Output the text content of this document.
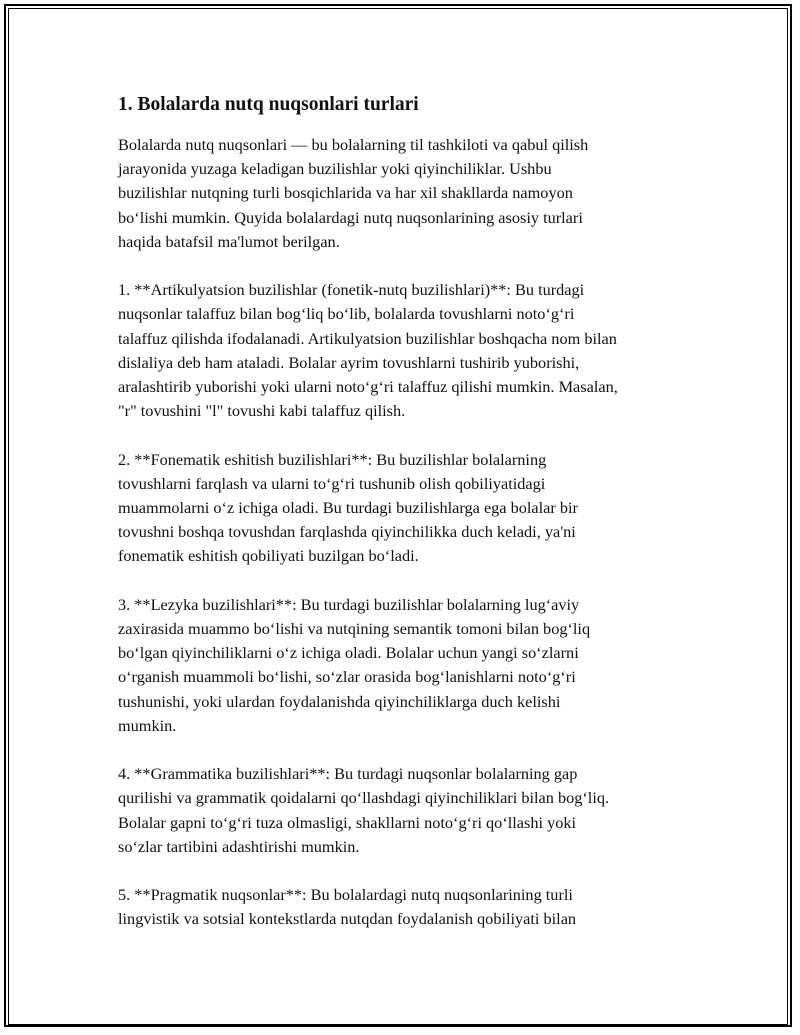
1. Bolalarda nutq nuqsonlari turlari

Bolalarda nutq nuqsonlari — bu bolalarning til tashkiloti va qabul qilish
jarayonida yuzaga keladigan buzilishlar yoki qiyinchiliklar. Ushbu
buzilishlar nutqning turli bosqichlarida va har xil shakllarda namoyon
bo‘lishi mumkin. Quyida bolalardagi nutq nuqsonlarining asosiy turlari
haqida batafsil ma'lumot berilgan.

1. **Artikulyatsion buzilishlar (fonetik-nutq buzilishlari)**: Bu turdagi
nuqsonlar talaffuz bilan bog‘liq bo‘lib, bolalarda tovushlarni noto‘g‘ri
talaffuz qilishda ifodalanadi. Artikulyatsion buzilishlar boshqacha nom bilan
dislaliya deb ham ataladi. Bolalar ayrim tovushlarni tushirib yuborishi,
aralashtirib yuborishi yoki ularni noto‘g‘ri talaffuz qilishi mumkin. Masalan,
"r" tovushini "l" tovushi kabi talaffuz qilish.

2. **Fonematik eshitish buzilishlari**: Bu buzilishlar bolalarning
tovushlarni farqlash va ularni to‘g‘ri tushunib olish qobiliyatidagi
muammolarni o‘z ichiga oladi. Bu turdagi buzilishlarga ega bolalar bir
tovushni boshqa tovushdan farqlashda qiyinchilikka duch keladi, ya'ni
fonematik eshitish qobiliyati buzilgan bo‘ladi.

3. **Lezyka buzilishlari**: Bu turdagi buzilishlar bolalarning lug‘aviy
zaxirasida muammo bo‘lishi va nutqining semantik tomoni bilan bog‘liq
bo‘lgan qiyinchiliklarni o‘z ichiga oladi. Bolalar uchun yangi so‘zlarni
o‘rganish muammoli bo‘lishi, so‘zlar orasida bog‘lanishlarni noto‘g‘ri
tushunishi, yoki ulardan foydalanishda qiyinchiliklarga duch kelishi
mumkin.

4. **Grammatika buzilishlari**: Bu turdagi nuqsonlar bolalarning gap
qurilishi va grammatik qoidalarni qo‘llashdagi qiyinchiliklari bilan bog‘liq.
Bolalar gapni to‘g‘ri tuza olmasligi, shakllarni noto‘g‘ri qo‘llashi yoki
so‘zlar tartibini adashtirishi mumkin.

5. **Pragmatik nuqsonlar**: Bu bolalardagi nutq nuqsonlarining turli
lingvistik va sotsial kontekstlarda nutqdan foydalanish qobiliyati bilan
